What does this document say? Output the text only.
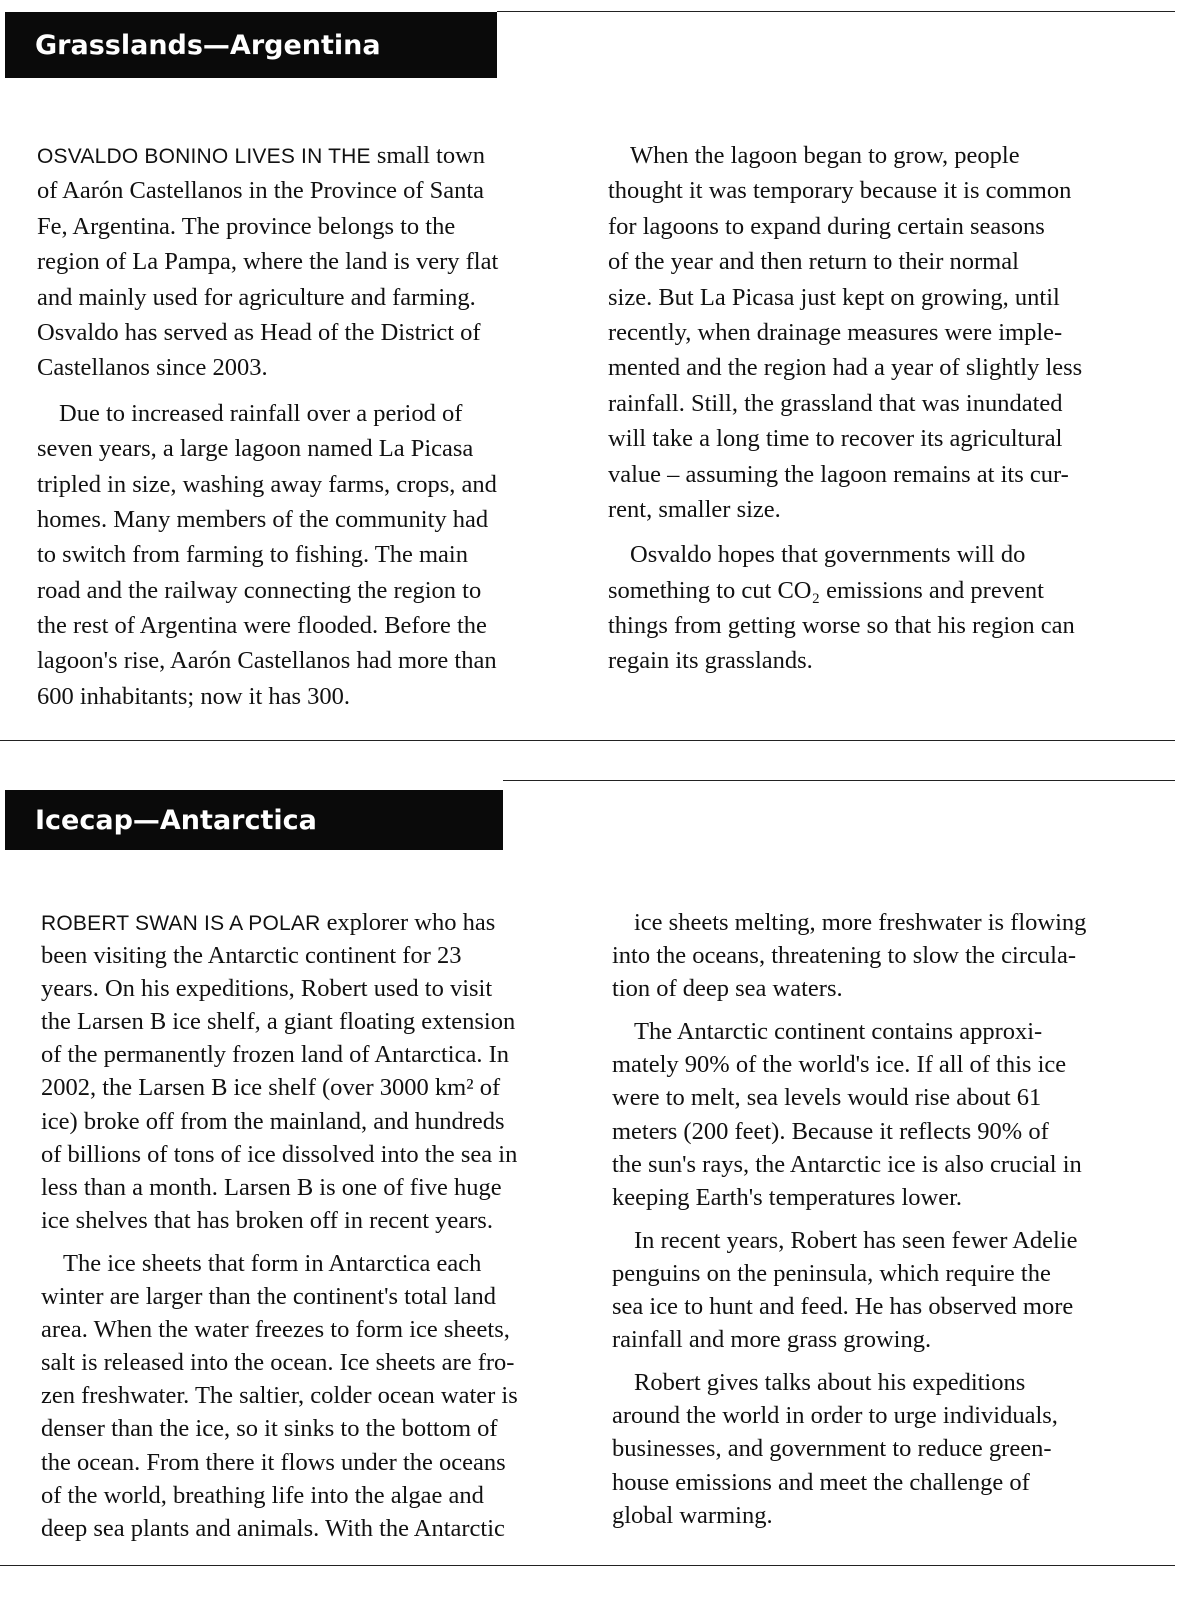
Grasslands—Argentina
OSVALDO BONINO LIVES IN THE small town
of Aarón Castellanos in the Province of Santa
Fe, Argentina. The province belongs to the
region of La Pampa, where the land is very flat
and mainly used for agriculture and farming.
Osvaldo has served as Head of the District of
Castellanos since 2003.
Due to increased rainfall over a period of
seven years, a large lagoon named La Picasa
tripled in size, washing away farms, crops, and
homes. Many members of the community had
to switch from farming to fishing. The main
road and the railway connecting the region to
the rest of Argentina were flooded. Before the
lagoon's rise, Aarón Castellanos had more than
600 inhabitants; now it has 300.
When the lagoon began to grow, people
thought it was temporary because it is common
for lagoons to expand during certain seasons
of the year and then return to their normal
size. But La Picasa just kept on growing, until
recently, when drainage measures were imple-
mented and the region had a year of slightly less
rainfall. Still, the grassland that was inundated
will take a long time to recover its agricultural
value – assuming the lagoon remains at its cur-
rent, smaller size.
Osvaldo hopes that governments will do
something to cut CO₂ emissions and prevent
things from getting worse so that his region can
regain its grasslands.
Icecap—Antarctica
ROBERT SWAN IS A POLAR explorer who has
been visiting the Antarctic continent for 23
years. On his expeditions, Robert used to visit
the Larsen B ice shelf, a giant floating extension
of the permanently frozen land of Antarctica. In
2002, the Larsen B ice shelf (over 3000 km² of
ice) broke off from the mainland, and hundreds
of billions of tons of ice dissolved into the sea in
less than a month. Larsen B is one of five huge
ice shelves that has broken off in recent years.
The ice sheets that form in Antarctica each
winter are larger than the continent's total land
area. When the water freezes to form ice sheets,
salt is released into the ocean. Ice sheets are fro-
zen freshwater. The saltier, colder ocean water is
denser than the ice, so it sinks to the bottom of
the ocean. From there it flows under the oceans
of the world, breathing life into the algae and
deep sea plants and animals. With the Antarctic
ice sheets melting, more freshwater is flowing
into the oceans, threatening to slow the circula-
tion of deep sea waters.
The Antarctic continent contains approxi-
mately 90% of the world's ice. If all of this ice
were to melt, sea levels would rise about 61
meters (200 feet). Because it reflects 90% of
the sun's rays, the Antarctic ice is also crucial in
keeping Earth's temperatures lower.
In recent years, Robert has seen fewer Adelie
penguins on the peninsula, which require the
sea ice to hunt and feed. He has observed more
rainfall and more grass growing.
Robert gives talks about his expeditions
around the world in order to urge individuals,
businesses, and government to reduce green-
house emissions and meet the challenge of
global warming.
